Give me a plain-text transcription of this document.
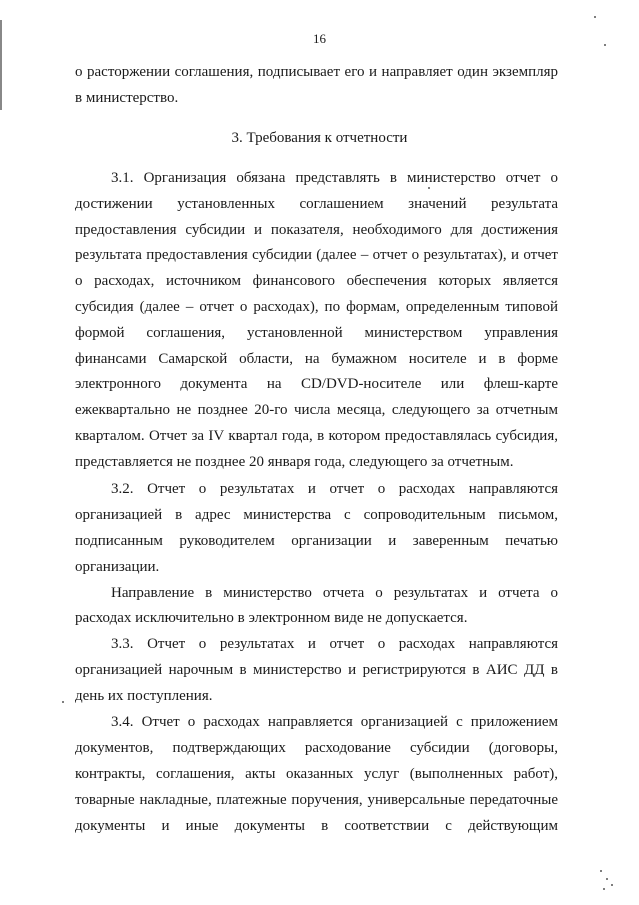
16
о расторжении соглашения, подписывает его и направляет один экземпляр
в министерство.
3. Требования к отчетности
3.1. Организация обязана представлять в министерство отчет о
достижении установленных соглашением значений результата
предоставления субсидии и показателя, необходимого для достижения
результата предоставления субсидии (далее – отчет о результатах), и отчет
о расходах, источником финансового обеспечения которых является
субсидия (далее – отчет о расходах), по формам, определенным типовой
формой соглашения, установленной министерством управления
финансами Самарской области, на бумажном носителе и в форме
электронного документа на CD/DVD-носителе или флеш-карте
ежеквартально не позднее 20-го числа месяца, следующего за отчетным
кварталом. Отчет за IV квартал года, в котором предоставлялась субсидия,
представляется не позднее 20 января года, следующего за отчетным.
3.2. Отчет о результатах и отчет о расходах направляются
организацией в адрес министерства с сопроводительным письмом,
подписанным руководителем организации и заверенным печатью
организации.
Направление в министерство отчета о результатах и отчета о
расходах исключительно в электронном виде не допускается.
3.3. Отчет о результатах и отчет о расходах направляются
организацией нарочным в министерство и регистрируются в АИС ДД в
день их поступления.
3.4. Отчет о расходах направляется организацией с приложением
документов, подтверждающих расходование субсидии (договоры,
контракты, соглашения, акты оказанных услуг (выполненных работ),
товарные накладные, платежные поручения, универсальные передаточные
документы и иные документы в соответствии с действующим
